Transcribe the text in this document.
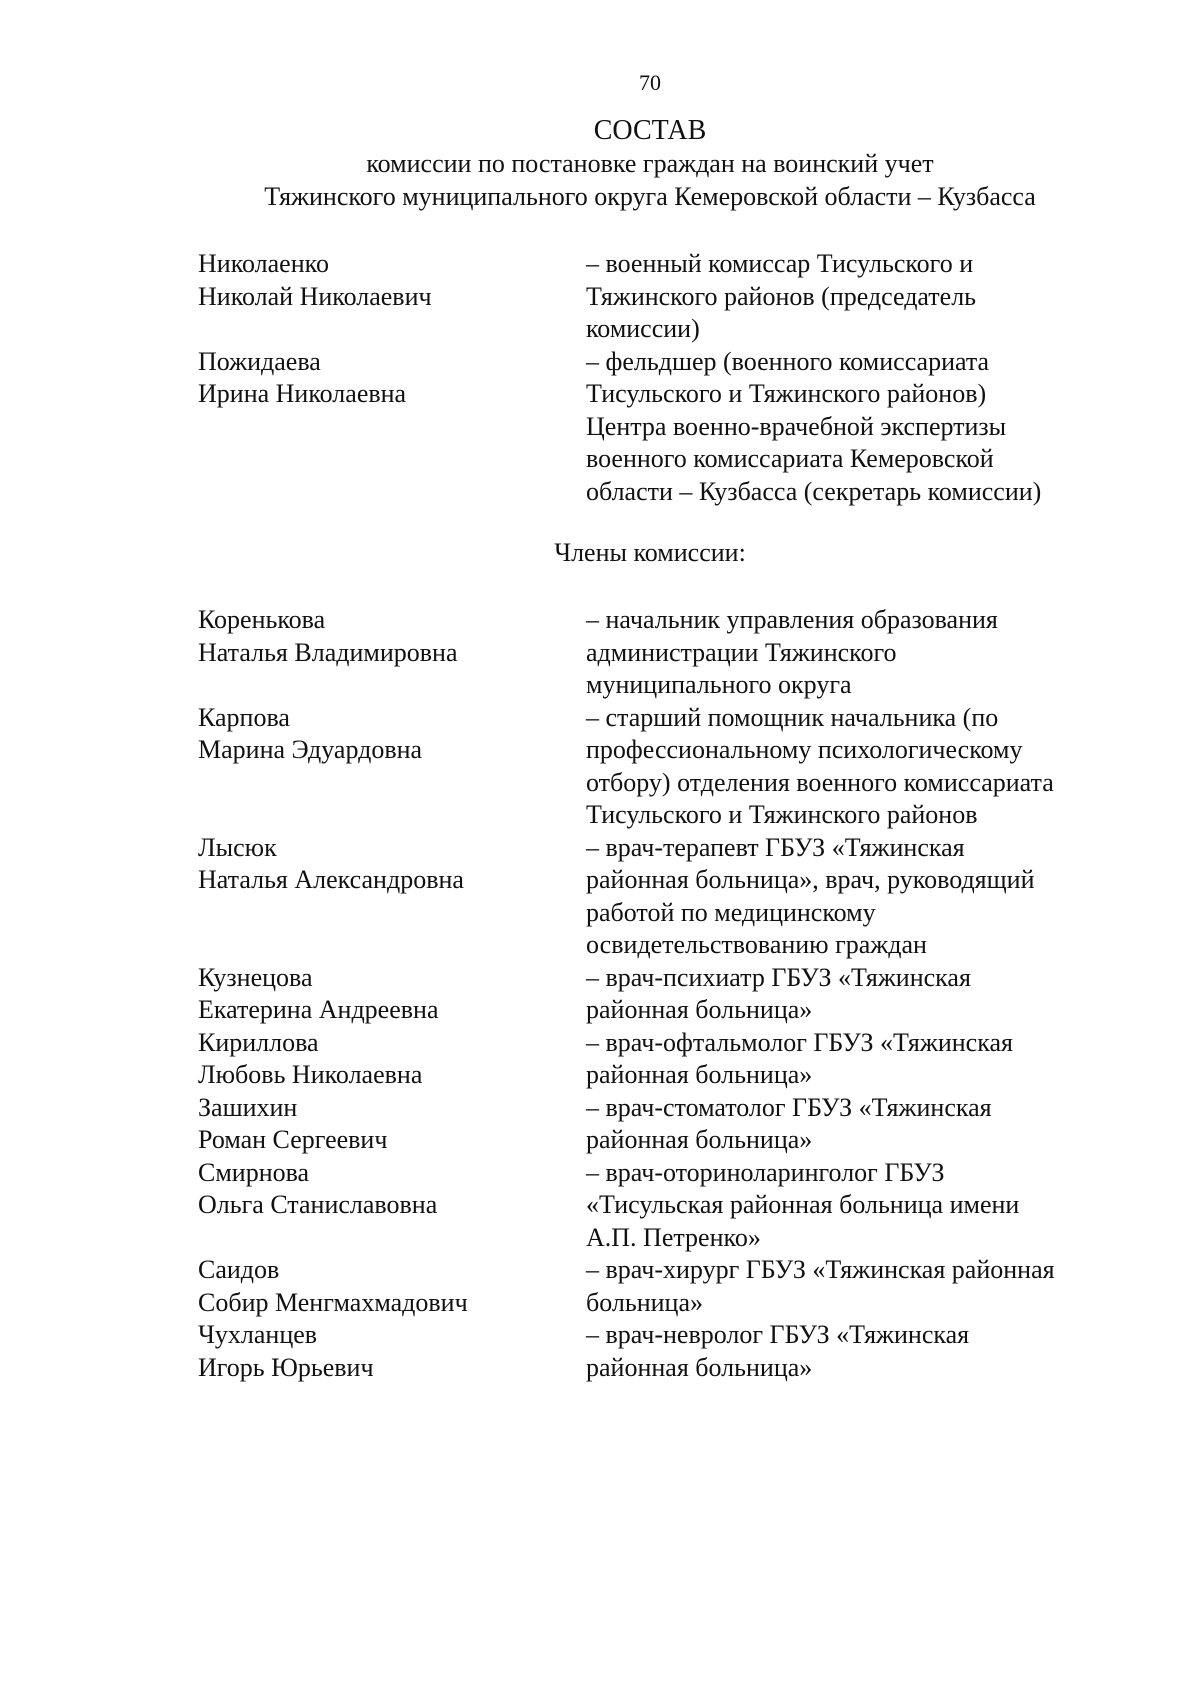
70
СОСТАВ
комиссии по постановке граждан на воинский учет
Тяжинского муниципального округа Кемеровской области – Кузбасса
Николаенко
Николай Николаевич
– военный комиссар Тисульского и
Тяжинского районов (председатель
комиссии)
Пожидаева
Ирина Николаевна
– фельдшер (военного комиссариата
Тисульского и Тяжинского районов)
Центра военно-врачебной экспертизы
военного комиссариата Кемеровской
области – Кузбасса (секретарь комиссии)
Члены комиссии:
Коренькова
Наталья Владимировна
– начальник управления образования
администрации Тяжинского
муниципального округа
Карпова
Марина Эдуардовна
– старший помощник начальника (по
профессиональному психологическому
отбору) отделения военного комиссариата
Тисульского и Тяжинского районов
Лысюк
Наталья Александровна
– врач-терапевт ГБУЗ «Тяжинская
районная больница», врач, руководящий
работой по медицинскому
освидетельствованию граждан
Кузнецова
Екатерина Андреевна
– врач-психиатр ГБУЗ «Тяжинская
районная больница»
Кириллова
Любовь Николаевна
– врач-офтальмолог ГБУЗ «Тяжинская
районная больница»
Зашихин
Роман Сергеевич
– врач-стоматолог ГБУЗ «Тяжинская
районная больница»
Смирнова
Ольга Станиславовна
– врач-оториноларинголог ГБУЗ
«Тисульская районная больница имени
А.П. Петренко»
Саидов
Собир Менгмахмадович
– врач-хирург ГБУЗ «Тяжинская районная
больница»
Чухланцев
Игорь Юрьевич
– врач-невролог ГБУЗ «Тяжинская
районная больница»
